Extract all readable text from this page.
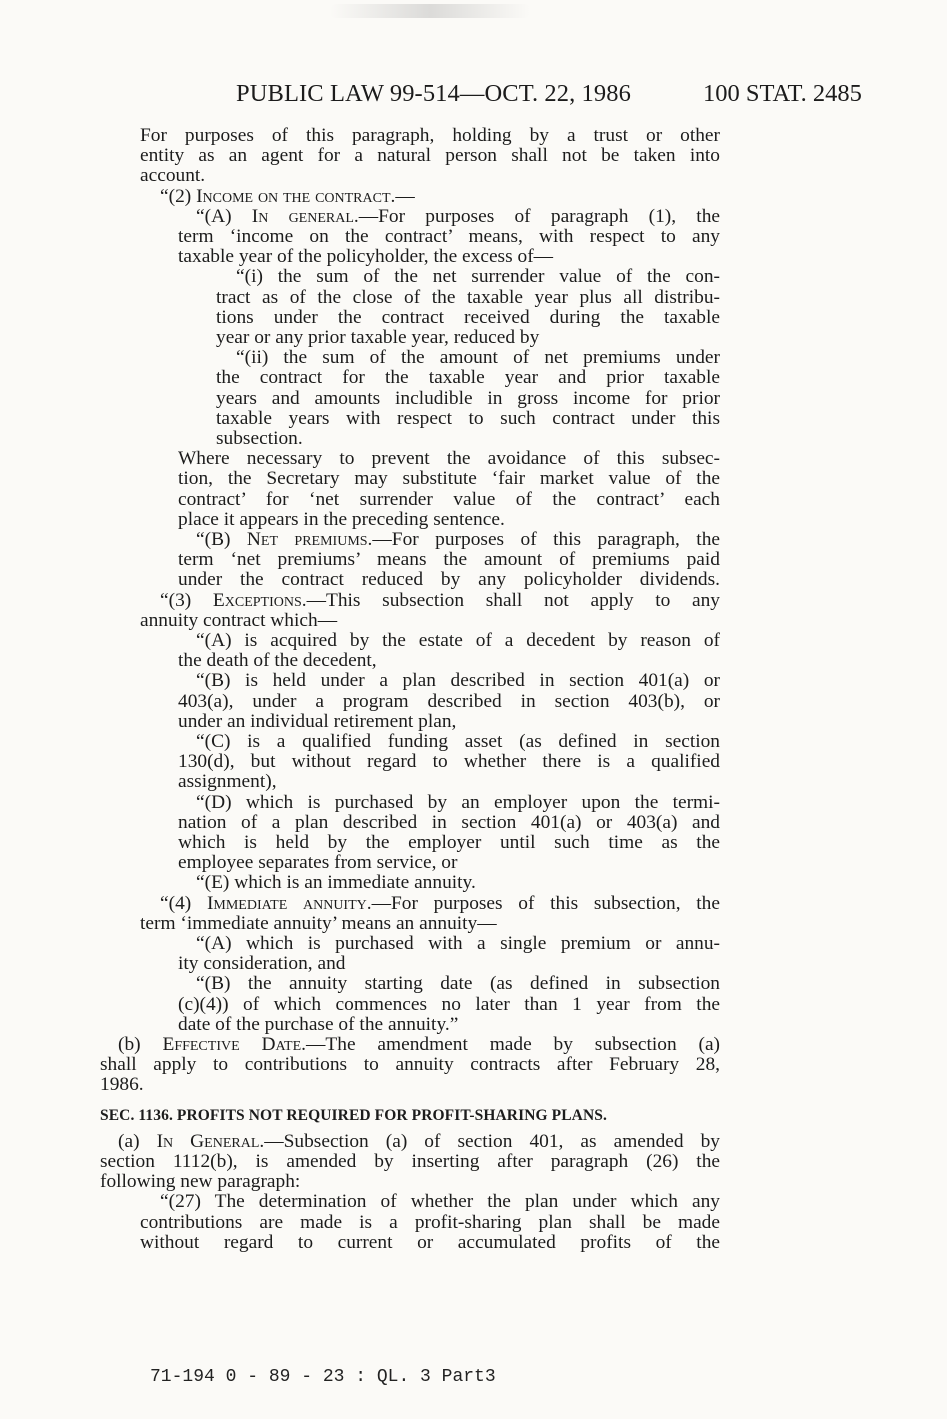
PUBLIC LAW 99-514—OCT. 22, 1986	100 STAT. 2485
For purposes of this paragraph, holding by a trust or other
entity as an agent for a natural person shall not be taken into
account.
“(2) Income on the contract.—
“(A) In general.—For purposes of paragraph (1), the
term ‘income on the contract’ means, with respect to any
taxable year of the policyholder, the excess of—
“(i) the sum of the net surrender value of the con-
tract as of the close of the taxable year plus all distribu-
tions under the contract received during the taxable
year or any prior taxable year, reduced by
“(ii) the sum of the amount of net premiums under
the contract for the taxable year and prior taxable
years and amounts includible in gross income for prior
taxable years with respect to such contract under this
subsection.
Where necessary to prevent the avoidance of this subsec-
tion, the Secretary may substitute ‘fair market value of the
contract’ for ‘net surrender value of the contract’ each
place it appears in the preceding sentence.
“(B) Net premiums.—For purposes of this paragraph, the
term ‘net premiums’ means the amount of premiums paid
under the contract reduced by any policyholder dividends.
“(3) Exceptions.—This subsection shall not apply to any
annuity contract which—
“(A) is acquired by the estate of a decedent by reason of
the death of the decedent,
“(B) is held under a plan described in section 401(a) or
403(a), under a program described in section 403(b), or
under an individual retirement plan,
“(C) is a qualified funding asset (as defined in section
130(d), but without regard to whether there is a qualified
assignment),
“(D) which is purchased by an employer upon the termi-
nation of a plan described in section 401(a) or 403(a) and
which is held by the employer until such time as the
employee separates from service, or
“(E) which is an immediate annuity.
“(4) Immediate annuity.—For purposes of this subsection, the
term ‘immediate annuity’ means an annuity—
“(A) which is purchased with a single premium or annu-
ity consideration, and
“(B) the annuity starting date (as defined in subsection
(c)(4)) of which commences no later than 1 year from the
date of the purchase of the annuity.”
(b) Effective Date.—The amendment made by subsection (a)
shall apply to contributions to annuity contracts after February 28,
1986.
SEC. 1136. PROFITS NOT REQUIRED FOR PROFIT-SHARING PLANS.
(a) In General.—Subsection (a) of section 401, as amended by
section 1112(b), is amended by inserting after paragraph (26) the
following new paragraph:
“(27) The determination of whether the plan under which any
contributions are made is a profit-sharing plan shall be made
without regard to current or accumulated profits of the
71-194 0 - 89 - 23 : QL. 3 Part3
